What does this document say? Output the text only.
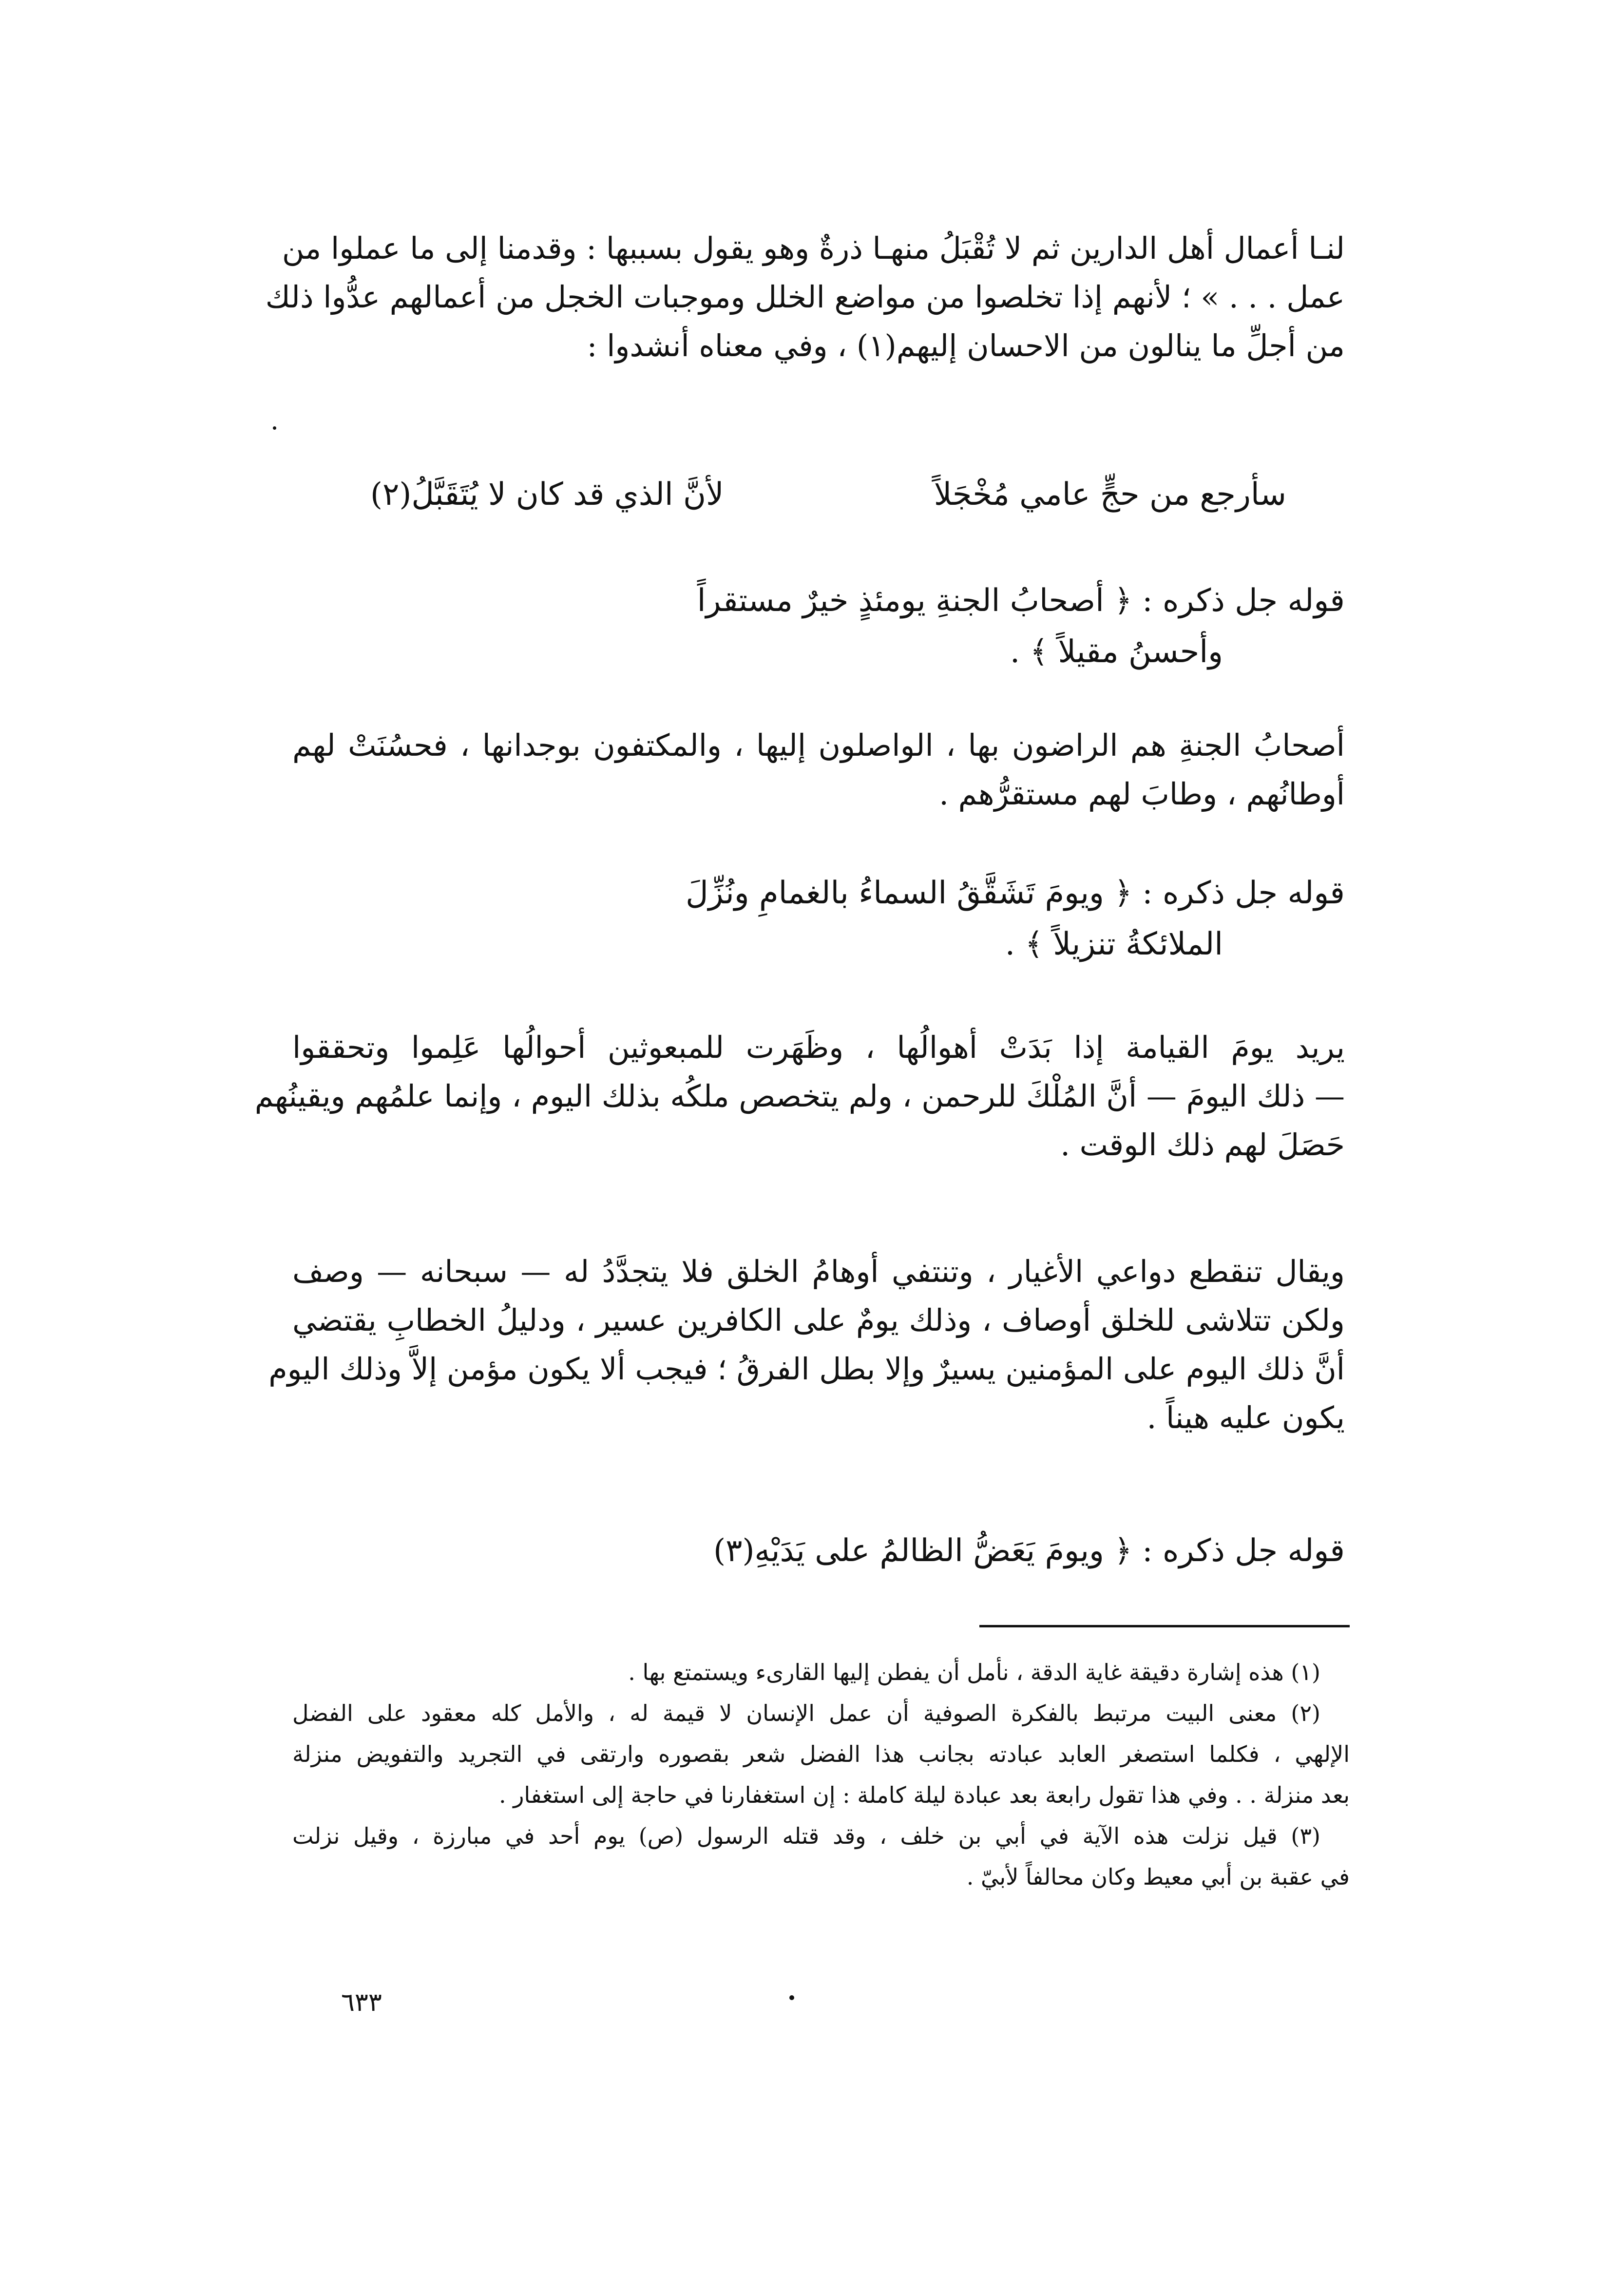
لنـا أعمال أهل الدارين ثم لا تُقْبَلُ منهـا ذرةٌ وهو يقول بسببها : وقدمنا إلى ما عملوا من
عمل . . . » ؛ لأنهم إذا تخلصوا من مواضع الخلل وموجبات الخجل من أعمالهم عدُّوا ذلك
من أجلِّ ما ينالون من الاحسان إليهم(١) ، وفي معناه أنشدوا :
سأرجع من حجٍّ عامي مُخْجَلاً
لأنَّ الذي قد كان لا يُتَقَبَّلُ(٢)
قوله جل ذكره : ﴿ أصحابُ الجنةِ يومئذٍ خيرٌ مستقراً
وأحسنُ مقيلاً ﴾ .
أصحابُ الجنةِ هم الراضون بها ، الواصلون إليها ، والمكتفون بوجدانها ، فحسُنَتْ لهم
أوطانُهم ، وطابَ لهم مستقرُّهم .
قوله جل ذكره : ﴿ ويومَ تَشَقَّقُ السماءُ بالغمامِ ونُزِّلَ
الملائكةُ تنزيلاً ﴾ .
يريد يومَ القيامة إذا بَدَتْ أهوالُها ، وظَهَرت للمبعوثين أحوالُها عَلِموا وتحققوا
— ذلك اليومَ — أنَّ المُلْكَ للرحمن ، ولم يتخصص ملكُه بذلك اليوم ، وإنما علمُهم ويقينُهم
حَصَلَ لهم ذلك الوقت .
ويقال تنقطع دواعي الأغيار ، وتنتفي أوهامُ الخلق فلا يتجدَّدُ له — سبحانه — وصف
ولكن تتلاشى للخلق أوصاف ، وذلك يومٌ على الكافرين عسير ، ودليلُ الخطابِ يقتضي
أنَّ ذلك اليوم على المؤمنين يسيرٌ وإلا بطل الفرقُ ؛ فيجب ألا يكون مؤمن إلاَّ وذلك اليوم
يكون عليه هيناً .
قوله جل ذكره : ﴿ ويومَ يَعَضُّ الظالمُ على يَدَيْهِ(٣)
(١) هذه إشارة دقيقة غاية الدقة ، نأمل أن يفطن إليها القارىء ويستمتع بها .
(٢) معنى البيت مرتبط بالفكرة الصوفية أن عمل الإنسان لا قيمة له ، والأمل كله معقود على الفضل
الإلهي ، فكلما استصغر العابد عبادته بجانب هذا الفضل شعر بقصوره وارتقى في التجريد والتفويض منزلة
بعد منزلة . . وفي هذا تقول رابعة بعد عبادة ليلة كاملة : إن استغفارنا في حاجة إلى استغفار .
(٣) قيل نزلت هذه الآية في أبي بن خلف ، وقد قتله الرسول (ص) يوم أحد في مبارزة ، وقيل نزلت
في عقبة بن أبي معيط وكان محالفاً لأبيّ .
٦٣٣
